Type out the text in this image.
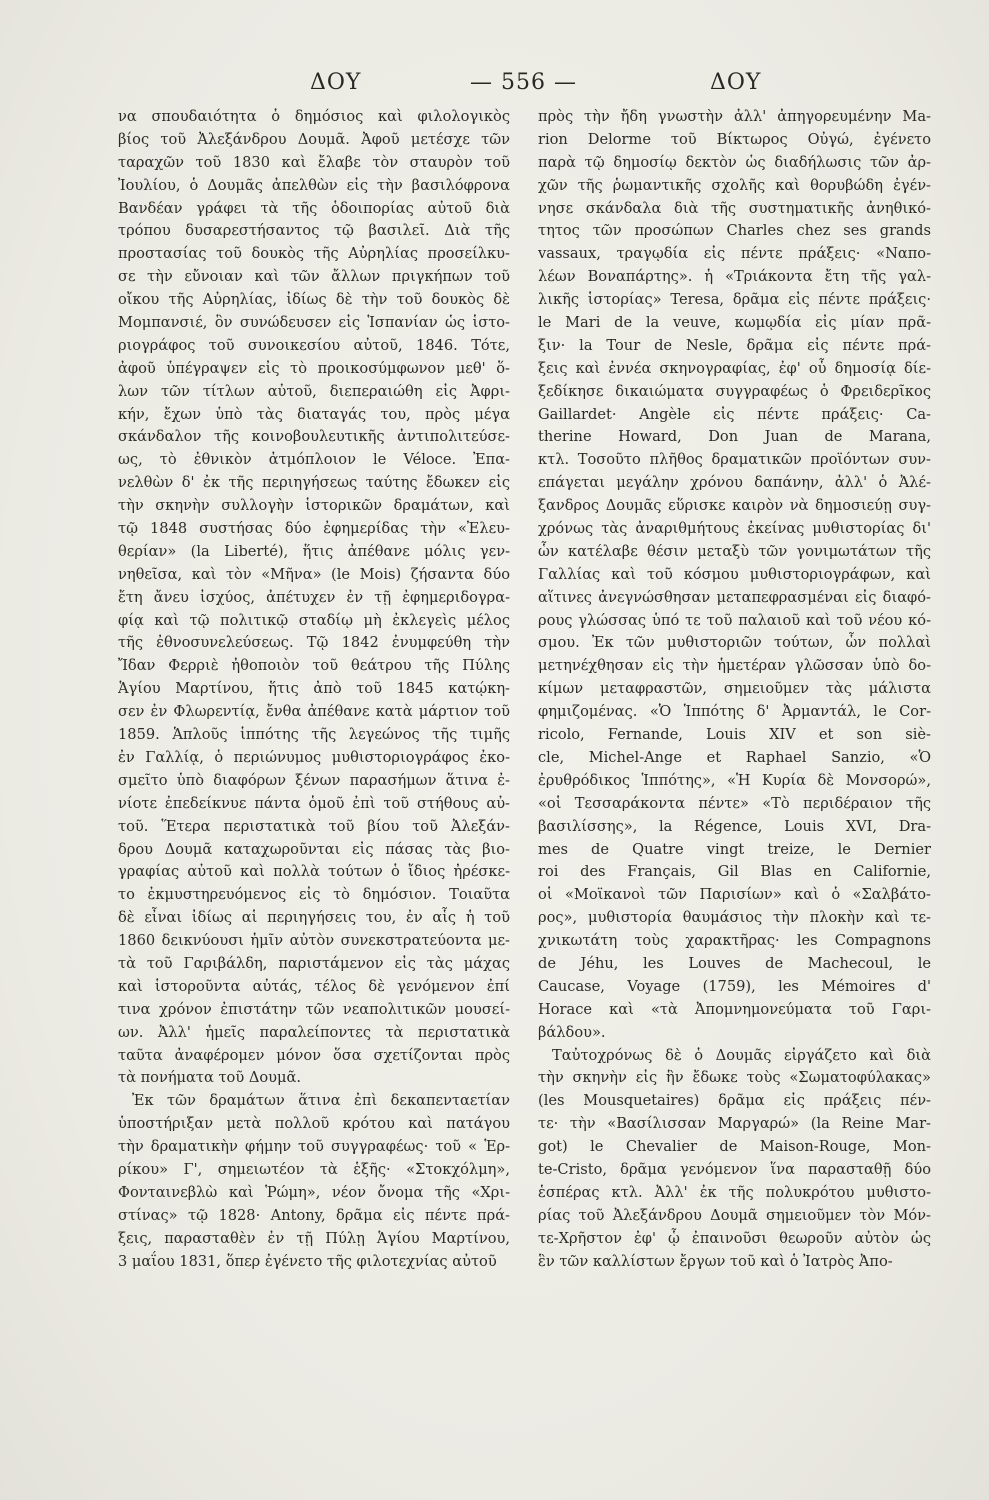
ΔΟΥ	— 556 —	ΔΟΥ
να σπουδαιότητα ὁ δημόσιος καὶ φιλολογικὸς
βίος τοῦ Ἀλεξάνδρου Δουμᾶ. Ἀφοῦ μετέσχε τῶν
ταραχῶν τοῦ 1830 καὶ ἔλαβε τὸν σταυρὸν τοῦ
Ἰουλίου, ὁ Δουμᾶς ἀπελθὼν εἰς τὴν βασιλόφρονα
Βανδέαν γράφει τὰ τῆς ὁδοιπορίας αὐτοῦ διὰ
τρόπου δυσαρεστήσαντος τῷ βασιλεῖ. Διὰ τῆς
προστασίας τοῦ δουκὸς τῆς Αὐρηλίας προσείλκυ-
σε τὴν εὔνοιαν καὶ τῶν ἄλλων πριγκήπων τοῦ
οἴκου τῆς Αὐρηλίας, ἰδίως δὲ τὴν τοῦ δουκὸς δὲ
Μομπανσιέ, ὃν συνώδευσεν εἰς Ἱσπανίαν ὡς ἱστο-
ριογράφος τοῦ συνοικεσίου αὐτοῦ, 1846. Τότε,
ἀφοῦ ὑπέγραψεν εἰς τὸ προικοσύμφωνον μεθ' ὅ-
λων τῶν τίτλων αὐτοῦ, διεπεραιώθη εἰς Ἀφρι-
κήν, ἔχων ὑπὸ τὰς διαταγάς του, πρὸς μέγα
σκάνδαλον τῆς κοινοβουλευτικῆς ἀντιπολιτεύσε-
ως, τὸ ἐθνικὸν ἀτμόπλοιον le Véloce. Ἐπα-
νελθὼν δ' ἐκ τῆς περιηγήσεως ταύτης ἔδωκεν εἰς
τὴν σκηνὴν συλλογὴν ἱστορικῶν δραμάτων, καὶ
τῷ 1848 συστήσας δύο ἐφημερίδας τὴν «Ἐλευ-
θερίαν» (la Liberté), ἥτις ἀπέθανε μόλις γεν-
νηθεῖσα, καὶ τὸν «Μῆνα» (le Mois) ζήσαντα δύο
ἔτη ἄνευ ἰσχύος, ἀπέτυχεν ἐν τῇ ἐφημεριδογρα-
φίᾳ καὶ τῷ πολιτικῷ σταδίῳ μὴ ἐκλεγεὶς μέλος
τῆς ἐθνοσυνελεύσεως. Τῷ 1842 ἐνυμφεύθη τὴν
Ἴδαν Φερριὲ ἠθοποιὸν τοῦ θεάτρου τῆς Πύλης
Ἁγίου Μαρτίνου, ἥτις ἀπὸ τοῦ 1845 κατῴκη-
σεν ἐν Φλωρεντίᾳ, ἔνθα ἀπέθανε κατὰ μάρτιον τοῦ
1859. Ἁπλοῦς ἱππότης τῆς λεγεώνος τῆς τιμῆς
ἐν Γαλλίᾳ, ὁ περιώνυμος μυθιστοριογράφος ἐκο-
σμεῖτο ὑπὸ διαφόρων ξένων παρασήμων ἅτινα ἐ-
νίοτε ἐπεδείκνυε πάντα ὁμοῦ ἐπὶ τοῦ στήθους αὐ-
τοῦ. Ἕτερα περιστατικὰ τοῦ βίου τοῦ Ἀλεξάν-
δρου Δουμᾶ καταχωροῦνται εἰς πάσας τὰς βιο-
γραφίας αὐτοῦ καὶ πολλὰ τούτων ὁ ἴδιος ἠρέσκε-
το ἐκμυστηρευόμενος εἰς τὸ δημόσιον. Τοιαῦτα
δὲ εἶναι ἰδίως αἱ περιηγήσεις του, ἐν αἷς ἡ τοῦ
1860 δεικνύουσι ἡμῖν αὐτὸν συνεκστρατεύοντα με-
τὰ τοῦ Γαριβάλδη, παριστάμενον εἰς τὰς μάχας
καὶ ἱστοροῦντα αὐτάς, τέλος δὲ γενόμενον ἐπί
τινα χρόνον ἐπιστάτην τῶν νεαπολιτικῶν μουσεί-
ων. Ἀλλ' ἡμεῖς παραλείποντες τὰ περιστατικὰ
ταῦτα ἀναφέρομεν μόνον ὅσα σχετίζονται πρὸς
τὰ πονήματα τοῦ Δουμᾶ.
Ἐκ τῶν δραμάτων ἅτινα ἐπὶ δεκαπενταετίαν
ὑποστήριξαν μετὰ πολλοῦ κρότου καὶ πατάγου
τὴν δραματικὴν φήμην τοῦ συγγραφέως· τοῦ « Ἑρ-
ρίκου» Γ', σημειωτέον τὰ ἑξῆς· «Στοκχόλμη»,
Φονταινεβλὼ καὶ Ῥώμη», νέον ὄνομα τῆς «Χρι-
στίνας» τῷ 1828· Antony, δρᾶμα εἰς πέντε πρά-
ξεις, παρασταθὲν ἐν τῇ Πύλῃ Ἁγίου Μαρτίνου,
3 μαΐου 1831, ὅπερ ἐγένετο τῆς φιλοτεχνίας αὐτοῦ
πρὸς τὴν ἤδη γνωστὴν ἀλλ' ἀπηγορευμένην Ma-
rion Delorme τοῦ Βίκτωρος Οὐγώ, ἐγένετο
παρὰ τῷ δημοσίῳ δεκτὸν ὡς διαδήλωσις τῶν ἀρ-
χῶν τῆς ῥωμαντικῆς σχολῆς καὶ θορυβώδη ἐγέν-
νησε σκάνδαλα διὰ τῆς συστηματικῆς ἀνηθικό-
τητος τῶν προσώπων Charles chez ses grands
vassaux, τραγῳδία εἰς πέντε πράξεις· «Ναπο-
λέων Βοναπάρτης». ἡ «Τριάκοντα ἔτη τῆς γαλ-
λικῆς ἱστορίας» Teresa, δρᾶμα εἰς πέντε πράξεις·
le Mari de la veuve, κωμῳδία εἰς μίαν πρᾶ-
ξιν· la Tour de Nesle, δρᾶμα εἰς πέντε πρά-
ξεις καὶ ἐννέα σκηνογραφίας, ἐφ' οὗ δημοσίᾳ δίε-
ξεδίκησε δικαιώματα συγγραφέως ὁ Φρειδερῖκος
Gaillardet· Angèle εἰς πέντε πράξεις· Ca-
therine Howard, Don Juan de Marana,
κτλ. Τοσοῦτο πλῆθος δραματικῶν προϊόντων συν-
επάγεται μεγάλην χρόνου δαπάνην, ἀλλ' ὁ Ἀλέ-
ξανδρος Δουμᾶς εὕρισκε καιρὸν νὰ δημοσιεύῃ συγ-
χρόνως τὰς ἀναριθμήτους ἐκείνας μυθιστορίας δι'
ὧν κατέλαβε θέσιν μεταξὺ τῶν γονιμωτάτων τῆς
Γαλλίας καὶ τοῦ κόσμου μυθιστοριογράφων, καὶ
αἵτινες ἀνεγνώσθησαν μεταπεφρασμέναι εἰς διαφό-
ρους γλώσσας ὑπό τε τοῦ παλαιοῦ καὶ τοῦ νέου κό-
σμου. Ἐκ τῶν μυθιστοριῶν τούτων, ὧν πολλαὶ
μετηνέχθησαν εἰς τὴν ἡμετέραν γλῶσσαν ὑπὸ δο-
κίμων μεταφραστῶν, σημειοῦμεν τὰς μάλιστα
φημιζομένας. «Ὁ Ἱππότης δ' Ἀρμαντάλ, le Cor-
ricolo, Fernande, Louis XIV et son siè-
cle, Michel-Ange et Raphael Sanzio, «Ὁ
ἐρυθρόδικος Ἱππότης», «Ἡ Κυρία δὲ Μονσορώ»,
«οἱ Τεσσαράκοντα πέντε» «Τὸ περιδέραιον τῆς
βασιλίσσης», la Régence, Louis XVI, Dra-
mes de Quatre vingt treize, le Dernier
roi des Français, Gil Blas en Californie,
οἱ «Μοϊκανοὶ τῶν Παρισίων» καὶ ὁ «Σαλβάτο-
ρος», μυθιστορία θαυμάσιος τὴν πλοκὴν καὶ τε-
χνικωτάτη τοὺς χαρακτῆρας· les Compagnons
de Jéhu, les Louves de Machecoul, le
Caucase, Voyage (1759), les Mémoires d'
Horace καὶ «τὰ Ἀπομνημονεύματα τοῦ Γαρι-
βάλδου».
Ταὐτοχρόνως δὲ ὁ Δουμᾶς εἰργάζετο καὶ διὰ
τὴν σκηνὴν εἰς ἣν ἔδωκε τοὺς «Σωματοφύλακας»
(les Mousquetaires) δρᾶμα εἰς πράξεις πέν-
τε· τὴν «Βασίλισσαν Μαργαρώ» (la Reine Mar-
got) le Chevalier de Maison-Rouge, Mon-
te-Cristo, δρᾶμα γενόμενον ἵνα παρασταθῇ δύο
ἑσπέρας κτλ. Ἀλλ' ἐκ τῆς πολυκρότου μυθιστο-
ρίας τοῦ Ἀλεξάνδρου Δουμᾶ σημειοῦμεν τὸν Μόν-
τε-Χρῆστον ἐφ' ᾧ ἐπαινοῦσι θεωροῦν αὐτὸν ὡς
ἓν τῶν καλλίστων ἔργων τοῦ καὶ ὁ Ἰατρὸς Ἀπο-
